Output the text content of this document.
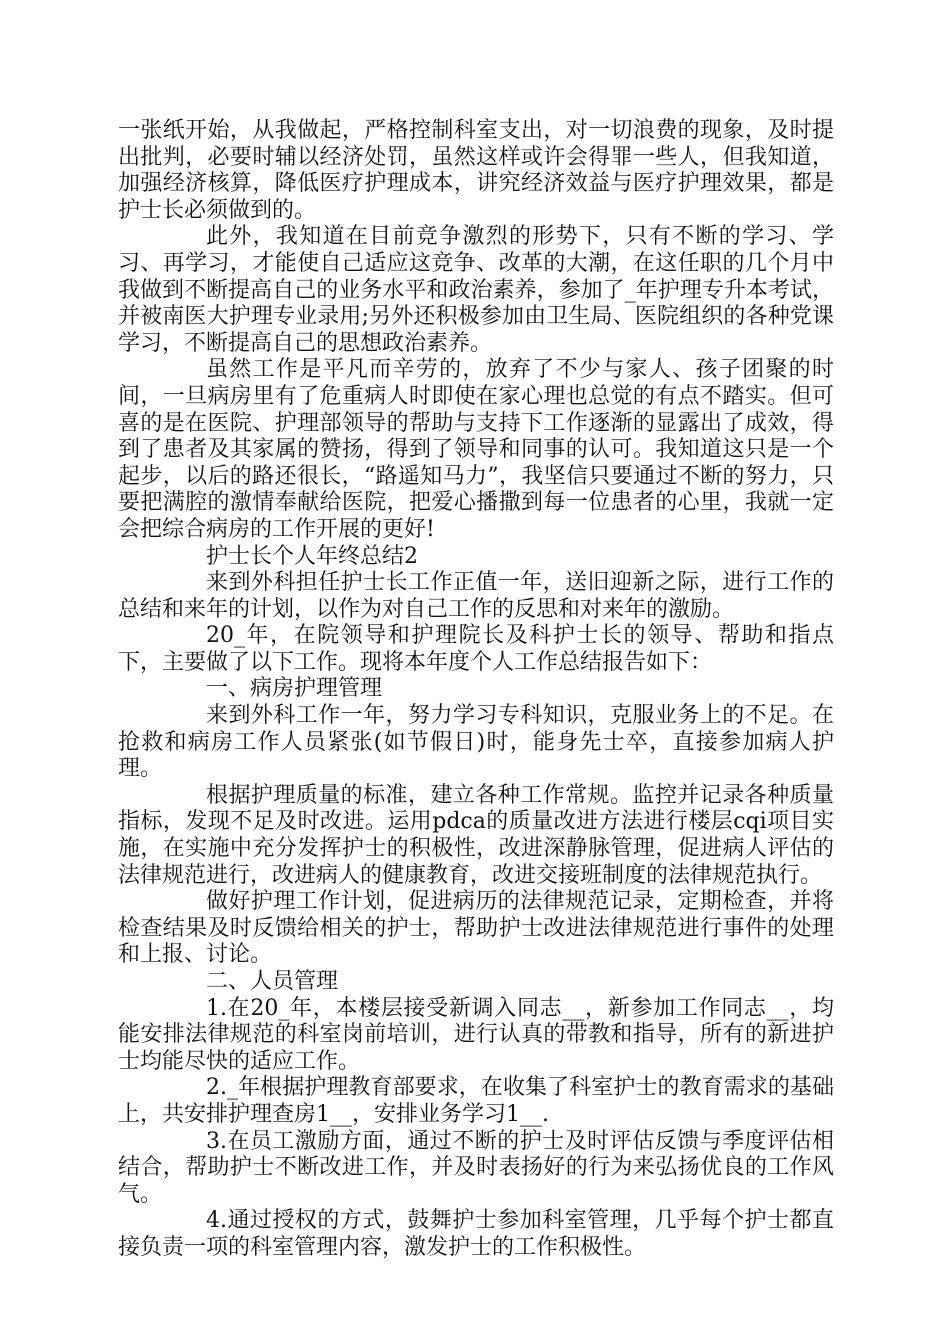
一张纸开始，从我做起，严格控制科室支出，对一切浪费的现象，及时提出批判，必要时辅以经济处罚，虽然这样或许会得罪一些人，但我知道，加强经济核算，降低医疗护理成本，讲究经济效益与医疗护理效果，都是护士长必须做到的。

此外，我知道在目前竞争激烈的形势下，只有不断的学习、学习、再学习，才能使自己适应这竞争、改革的大潮，在这任职的几个月中我做到不断提高自己的业务水平和政治素养，参加了_年护理专升本考试，并被南医大护理专业录用;另外还积极参加由卫生局、医院组织的各种党课学习，不断提高自己的思想政治素养。

虽然工作是平凡而辛劳的，放弃了不少与家人、孩子团聚的时间，一旦病房里有了危重病人时即使在家心理也总觉的有点不踏实。但可喜的是在医院、护理部领导的帮助与支持下工作逐渐的显露出了成效，得到了患者及其家属的赞扬，得到了领导和同事的认可。我知道这只是一个起步，以后的路还很长，“路遥知马力”，我坚信只要通过不断的努力，只要把满腔的激情奉献给医院，把爱心播撒到每一位患者的心里，我就一定会把综合病房的工作开展的更好!

护士长个人年终总结2

来到外科担任护士长工作正值一年，送旧迎新之际，进行工作的总结和来年的计划，以作为对自己工作的反思和对来年的激励。

20_年，在院领导和护理院长及科护士长的领导、帮助和指点下，主要做了以下工作。现将本年度个人工作总结报告如下：

一、病房护理管理

来到外科工作一年，努力学习专科知识，克服业务上的不足。在抢救和病房工作人员紧张(如节假日)时，能身先士卒，直接参加病人护理。

根据护理质量的标准，建立各种工作常规。监控并记录各种质量指标，发现不足及时改进。运用pdca的质量改进方法进行楼层cqi项目实施，在实施中充分发挥护士的积极性，改进深静脉管理，促进病人评估的法律规范进行，改进病人的健康教育，改进交接班制度的法律规范执行。

做好护理工作计划，促进病历的法律规范记录，定期检查，并将检查结果及时反馈给相关的护士，帮助护士改进法律规范进行事件的处理和上报、讨论。

二、人员管理

1.在20_年，本楼层接受新调入同志__，新参加工作同志__，均能安排法律规范的科室岗前培训，进行认真的带教和指导，所有的新进护士均能尽快的适应工作。

2._年根据护理教育部要求，在收集了科室护士的教育需求的基础上，共安排护理查房1__，安排业务学习1__.

3.在员工激励方面，通过不断的护士及时评估反馈与季度评估相结合，帮助护士不断改进工作，并及时表扬好的行为来弘扬优良的工作风气。

4.通过授权的方式，鼓舞护士参加科室管理，几乎每个护士都直接负责一项的科室管理内容，激发护士的工作积极性。
